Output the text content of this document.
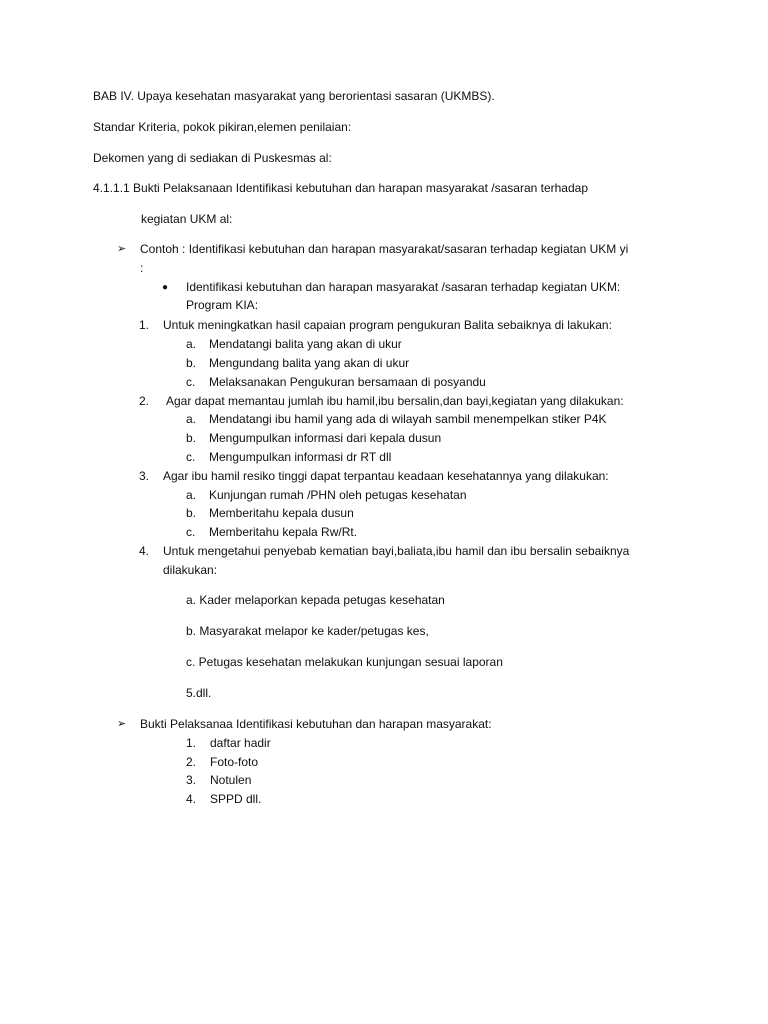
BAB IV. Upaya kesehatan masyarakat yang berorientasi sasaran (UKMBS).
Standar Kriteria, pokok pikiran,elemen penilaian:
Dekomen yang di sediakan di Puskesmas al:
4.1.1.1 Bukti Pelaksanaan Identifikasi kebutuhan dan harapan masyarakat /sasaran terhadap
kegiatan UKM al:
➢ Contoh : Identifikasi kebutuhan dan harapan masyarakat/sasaran terhadap kegiatan UKM yi
:
● Identifikasi kebutuhan dan harapan masyarakat /sasaran terhadap kegiatan UKM:
Program KIA:
1. Untuk meningkatkan hasil capaian program pengukuran Balita sebaiknya di lakukan:
a. Mendatangi balita yang akan di ukur
b. Mengundang balita yang akan di ukur
c. Melaksanakan Pengukuran bersamaan di posyandu
2. Agar dapat memantau jumlah ibu hamil,ibu bersalin,dan bayi,kegiatan yang dilakukan:
a. Mendatangi ibu hamil yang ada di wilayah sambil menempelkan stiker P4K
b. Mengumpulkan informasi dari kepala dusun
c. Mengumpulkan informasi dr RT dll
3. Agar ibu hamil resiko tinggi dapat terpantau keadaan kesehatannya yang dilakukan:
a. Kunjungan rumah /PHN oleh petugas kesehatan
b. Memberitahu kepala dusun
c. Memberitahu kepala Rw/Rt.
4. Untuk mengetahui penyebab kematian bayi,baliata,ibu hamil dan ibu bersalin sebaiknya
dilakukan:
a. Kader melaporkan kepada petugas kesehatan
b. Masyarakat melapor ke kader/petugas kes,
c. Petugas kesehatan melakukan kunjungan sesuai laporan
5.dll.
➢ Bukti Pelaksanaa Identifikasi kebutuhan dan harapan masyarakat:
1. daftar hadir
2. Foto-foto
3. Notulen
4. SPPD dll.
